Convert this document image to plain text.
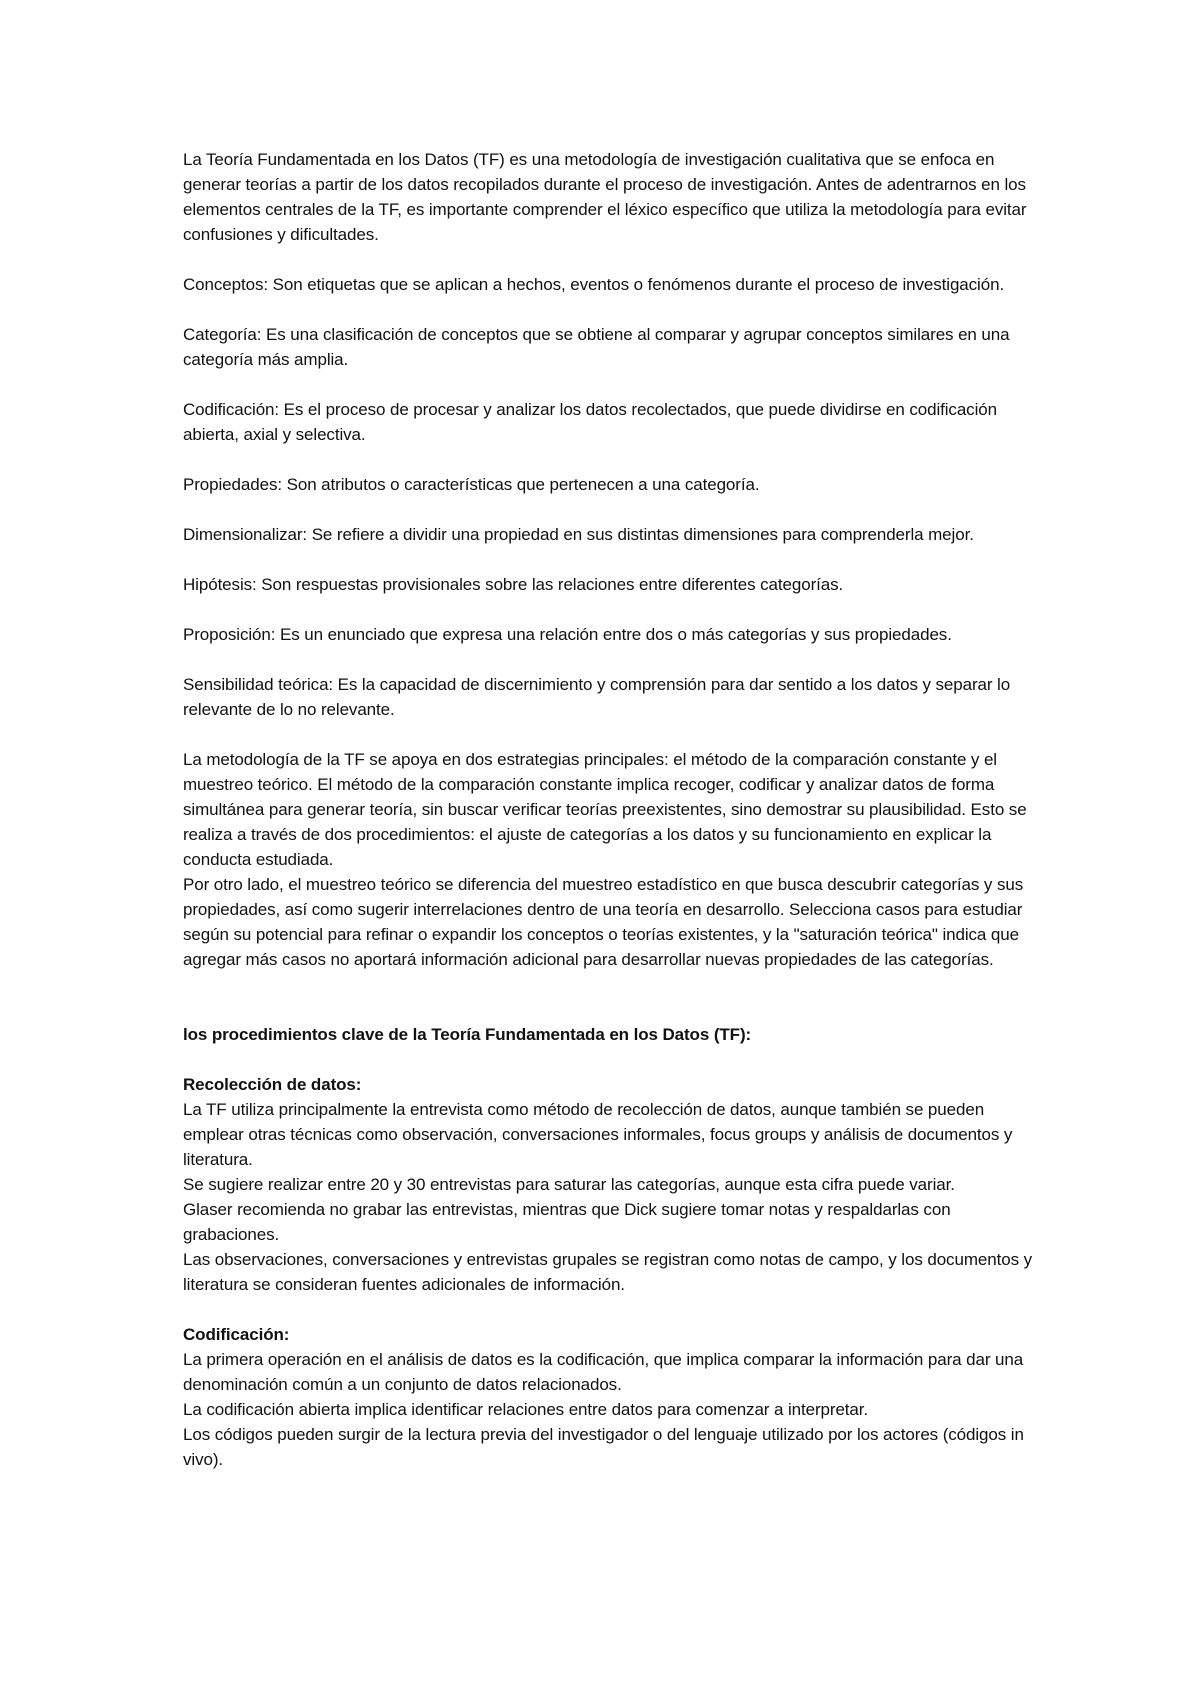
La Teoría Fundamentada en los Datos (TF) es una metodología de investigación cualitativa que se enfoca en generar teorías a partir de los datos recopilados durante el proceso de investigación. Antes de adentrarnos en los elementos centrales de la TF, es importante comprender el léxico específico que utiliza la metodología para evitar confusiones y dificultades.

Conceptos: Son etiquetas que se aplican a hechos, eventos o fenómenos durante el proceso de investigación.

Categoría: Es una clasificación de conceptos que se obtiene al comparar y agrupar conceptos similares en una categoría más amplia.

Codificación: Es el proceso de procesar y analizar los datos recolectados, que puede dividirse en codificación abierta, axial y selectiva.

Propiedades: Son atributos o características que pertenecen a una categoría.

Dimensionalizar: Se refiere a dividir una propiedad en sus distintas dimensiones para comprenderla mejor.

Hipótesis: Son respuestas provisionales sobre las relaciones entre diferentes categorías.

Proposición: Es un enunciado que expresa una relación entre dos o más categorías y sus propiedades.

Sensibilidad teórica: Es la capacidad de discernimiento y comprensión para dar sentido a los datos y separar lo relevante de lo no relevante.

La metodología de la TF se apoya en dos estrategias principales: el método de la comparación constante y el muestreo teórico. El método de la comparación constante implica recoger, codificar y analizar datos de forma simultánea para generar teoría, sin buscar verificar teorías preexistentes, sino demostrar su plausibilidad. Esto se realiza a través de dos procedimientos: el ajuste de categorías a los datos y su funcionamiento en explicar la conducta estudiada.

Por otro lado, el muestreo teórico se diferencia del muestreo estadístico en que busca descubrir categorías y sus propiedades, así como sugerir interrelaciones dentro de una teoría en desarrollo. Selecciona casos para estudiar según su potencial para refinar o expandir los conceptos o teorías existentes, y la "saturación teórica" indica que agregar más casos no aportará información adicional para desarrollar nuevas propiedades de las categorías.

los procedimientos clave de la Teoría Fundamentada en los Datos (TF):

Recolección de datos:

La TF utiliza principalmente la entrevista como método de recolección de datos, aunque también se pueden emplear otras técnicas como observación, conversaciones informales, focus groups y análisis de documentos y literatura.

Se sugiere realizar entre 20 y 30 entrevistas para saturar las categorías, aunque esta cifra puede variar.

Glaser recomienda no grabar las entrevistas, mientras que Dick sugiere tomar notas y respaldarlas con grabaciones.

Las observaciones, conversaciones y entrevistas grupales se registran como notas de campo, y los documentos y literatura se consideran fuentes adicionales de información.

Codificación:

La primera operación en el análisis de datos es la codificación, que implica comparar la información para dar una denominación común a un conjunto de datos relacionados.

La codificación abierta implica identificar relaciones entre datos para comenzar a interpretar.

Los códigos pueden surgir de la lectura previa del investigador o del lenguaje utilizado por los actores (códigos in vivo).
